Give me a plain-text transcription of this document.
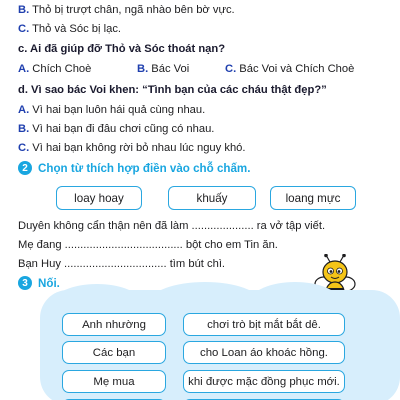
B. Thỏ bị trượt chân, ngã nhào bên bờ vực.
C. Thỏ và Sóc bị lạc.
c. Ai đã giúp đỡ Thỏ và Sóc thoát nạn?
A. Chích Choè	B. Bác Voi	C. Bác Voi và Chích Choè
d. Vì sao bác Voi khen: “Tình bạn của các cháu thật đẹp?”
A. Vì hai bạn luôn hái quả cùng nhau.
B. Vì hai bạn đi đâu chơi cũng có nhau.
C. Vì hai bạn không rời bỏ nhau lúc nguy khó.
2 Chọn từ thích hợp điền vào chỗ chấm.
loay hoay	khuấy	loang mực
Duyên không cẩn thận nên đã làm .................... ra vở tập viết.
Mẹ đang ...................................... bột cho em Tin ăn.
Bạn Huy ................................. tìm bút chì.
3 Nối.
Anh nhường
Các bạn
Mẹ mua
chơi trò bịt mắt bắt dê.
cho Loan áo khoác hồng.
khi được mặc đồng phục mới.
